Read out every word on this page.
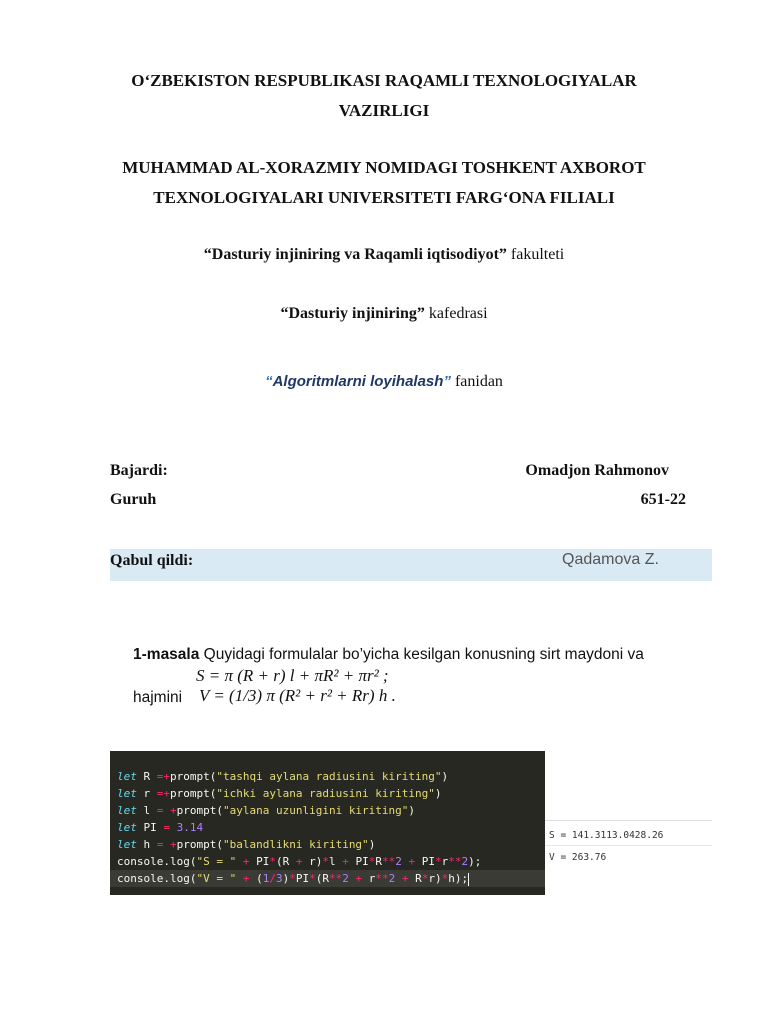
O‘ZBEKISTON RESPUBLIKASI RAQAMLI TEXNOLOGIYALAR
VAZIRLIGI
MUHAMMAD AL-XORAZMIY NOMIDAGI TOSHKENT AXBOROT
TEXNOLOGIYALARI UNIVERSITETI FARG‘ONA FILIALI
“Dasturiy injiniring va Raqamli iqtisodiyot” fakulteti
“Dasturiy injiniring” kafedrasi
“Algoritmlarni loyihalash” fanidan
Bajardi:	Omadjon Rahmonov
Guruh	651-22
Qabul qildi:	Qadamova Z.
1-masala Quyidagi formulalar bo’yicha kesilgan konusning sirt maydoni va
S = π (R + r) l + πR² + πr² ;
hajmini V = (1/3) π (R² + r² + Rr) h .
let R =+prompt("tashqi aylana radiusini kiriting")
let r =+prompt("ichki aylana radiusini kiriting")
let l = +prompt("aylana uzunligini kiriting")
let PI = 3.14
let h = +prompt("balandlikni kiriting")
console.log("S = " + PI*(R + r)*l + PI*R**2 + PI*r**2);
console.log("V = " + (1/3)*PI*(R**2 + r**2 + R*r)*h);
S = 141.3113.0428.26
V = 263.76
